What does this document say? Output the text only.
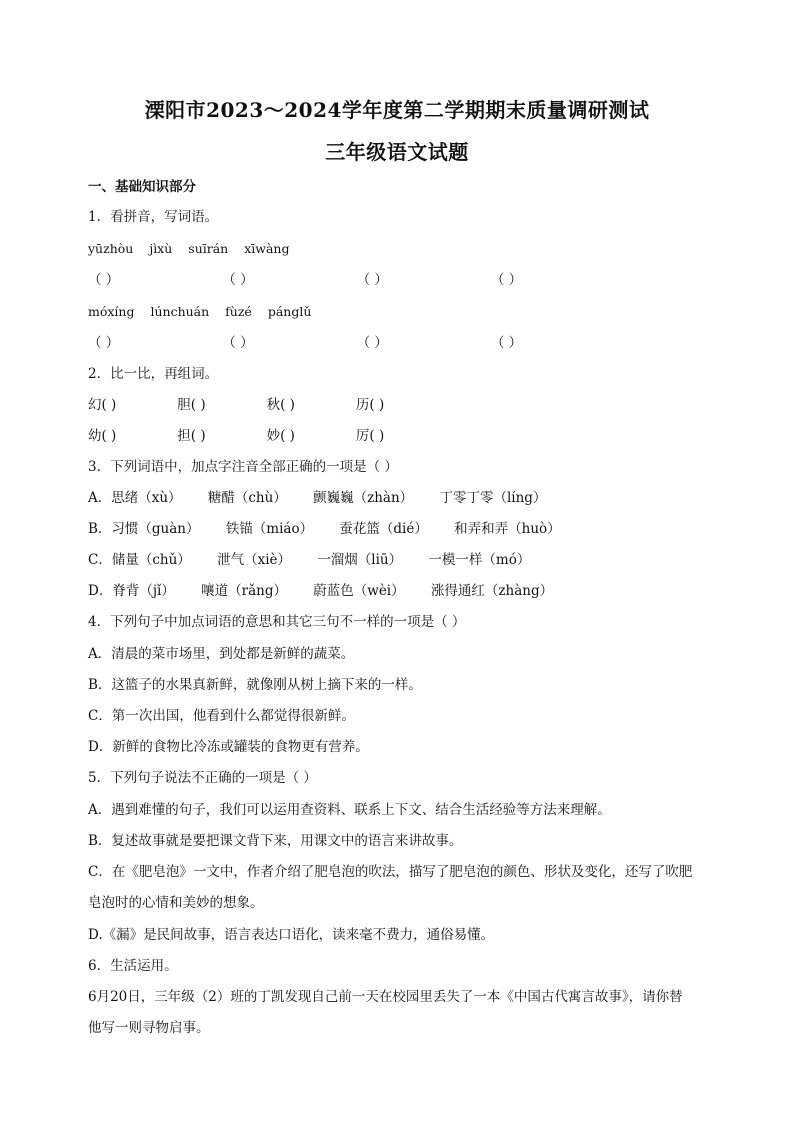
溧阳市2023～2024学年度第二学期期末质量调研测试
三年级语文试题
一、基础知识部分
1．看拼音，写词语。
yūzhòu jìxù suīrán xīwàng
（ ）	（ ）	（ ）	（ ）
móxíng lúnchuán fùzé pánglǔ
（ ）	（ ）	（ ）	（ ）
2．比一比，再组词。
幻( )	胆( )	秋( )	历( )
幼( )	担( )	妙( )	厉( )
3．下列词语中，加点字注音全部正确的一项是（ ）
A．思绪（xù） 糖醋（chù） 颤巍巍（zhàn） 丁零丁零（líng）
B．习惯（guàn） 铁锚（miáo） 蚕花篮（dié） 和弄和弄（huò）
C．储量（chǔ） 泄气（xiè） 一溜烟（liū） 一模一样（mó）
D．脊背（jǐ） 嚷道（rǎng） 蔚蓝色（wèi） 涨得通红（zhàng）
4．下列句子中加点词语的意思和其它三句不一样的一项是（ ）
A．清晨的菜市场里，到处都是新鲜的蔬菜。
B．这篮子的水果真新鲜，就像刚从树上摘下来的一样。
C．第一次出国，他看到什么都觉得很新鲜。
D．新鲜的食物比冷冻或罐装的食物更有营养。
5．下列句子说法不正确的一项是（ ）
A．遇到难懂的句子，我们可以运用查资料、联系上下文、结合生活经验等方法来理解。
B．复述故事就是要把课文背下来，用课文中的语言来讲故事。
C．在《肥皂泡》一文中，作者介绍了肥皂泡的吹法，描写了肥皂泡的颜色、形状及变化，还写了吹肥
皂泡时的心情和美妙的想象。
D.《漏》是民间故事，语言表达口语化，读来毫不费力，通俗易懂。
6．生活运用。
6月20日，三年级（2）班的丁凯发现自己前一天在校园里丢失了一本《中国古代寓言故事》，请你替
他写一则寻物启事。
